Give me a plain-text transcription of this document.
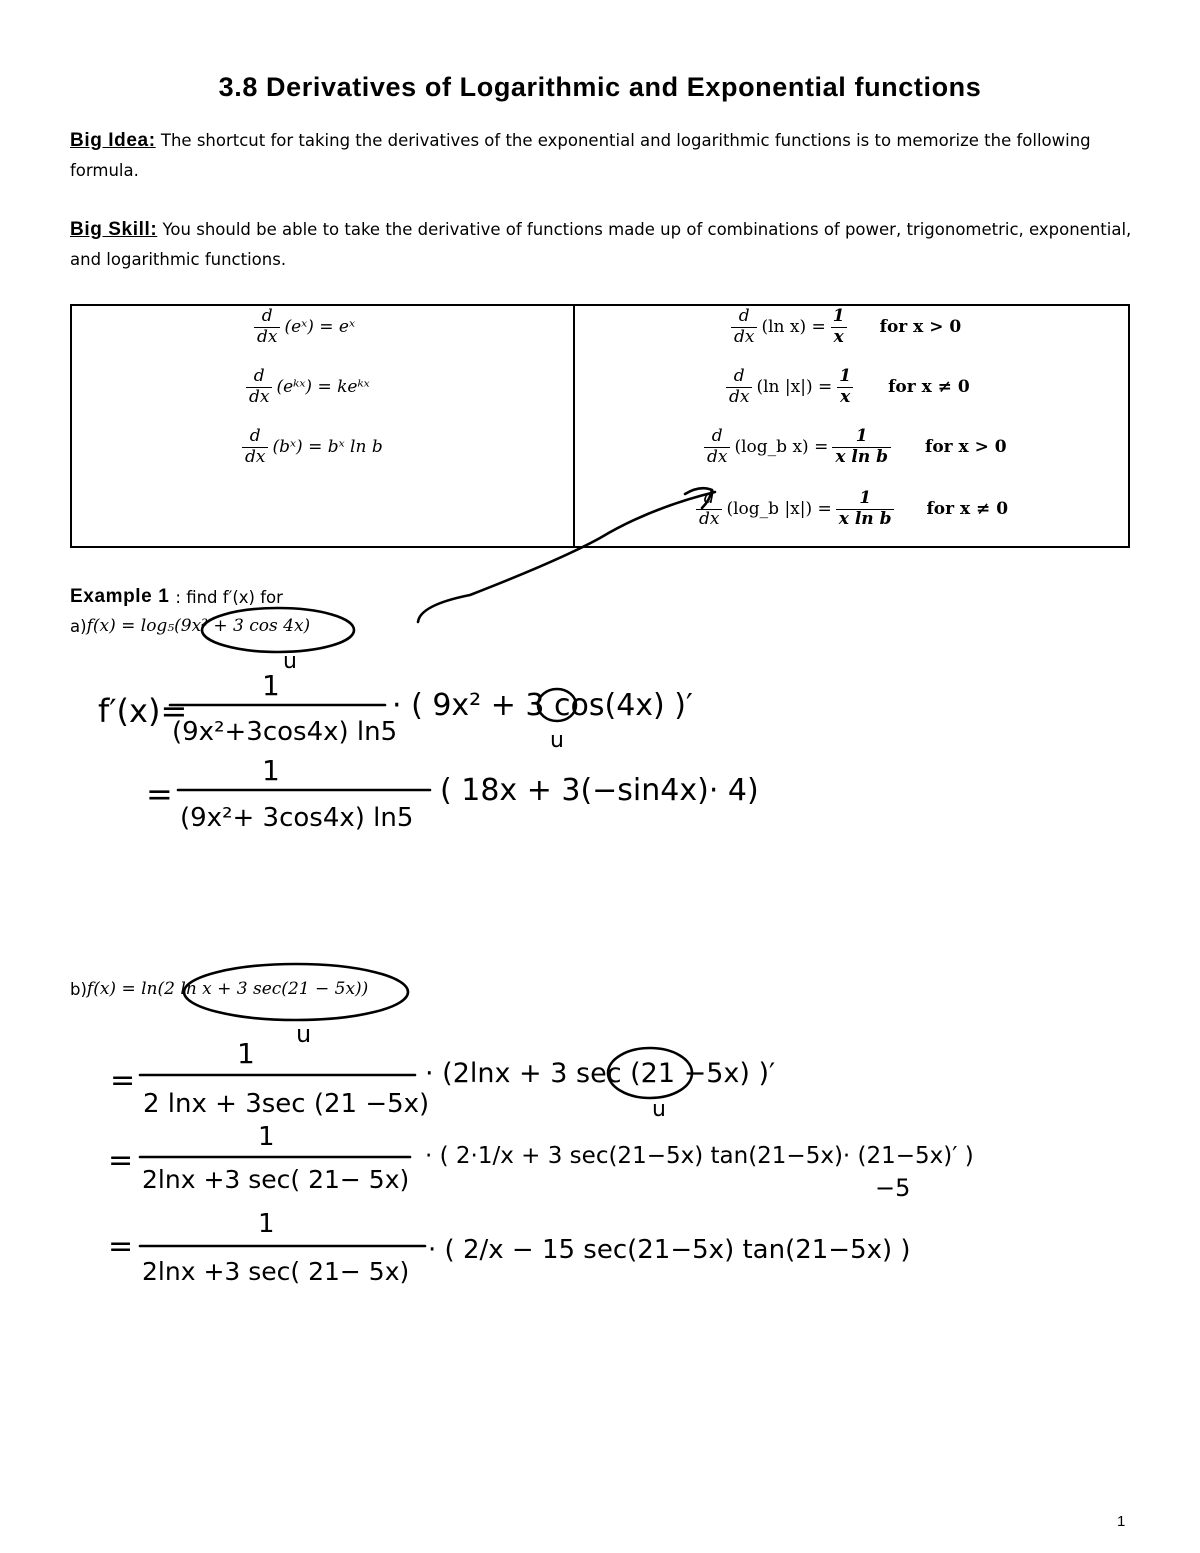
3.8 Derivatives of Logarithmic and Exponential functions
Big Idea: The shortcut for taking the derivatives of the exponential and logarithmic functions is to memorize the following formula.
Big Skill: You should be able to take the derivative of functions made up of combinations of power, trigonometric, exponential, and logarithmic functions.
$\frac{d}{dx}$ (eˣ) = eˣ
$\frac{d}{dx}$ (eᵏˣ) = keᵏˣ
$\frac{d}{dx}$ (bˣ) = bˣ ln b
$\frac{d}{dx} (\ln$ $x) = \frac{1}{x}$ for x > 0
$\frac{d}{dx} (\ln$ $|x|) = \frac{1}{x}$ for x ≠ 0
$\frac{d}{dx}$ (log_b $x) = \frac{1}{\text{x ln b}}$ for x > 0
$\frac{d}{dx}$ (log_b $|x|) = \frac{1}{\text{x ln b}}$ for x ≠ 0
Example 1 : find f′(x) for
a) f(x) = log₅(9x² + 3 cos 4x)
b) f(x) = ln(2 ln x + 3 sec(21 − 5x))
u
u
u
u
f′(x)=
1
(9x²+3cos4x) ln5
· ( 9x² + 3 cos(4x) )′
=
1
(9x²+ 3cos4x) ln5
( 18x + 3(−sin4x)· 4)
=
1
2 lnx + 3sec (21 −5x)
· (2lnx + 3 sec (21 −5x) )′
=
1
2lnx +3 sec( 21− 5x)
· ( 2·1/x + 3 sec(21−5x) tan(21−5x)· (21−5x)′ )
−5
=
1
2lnx +3 sec( 21− 5x)
· ( 2/x − 15 sec(21−5x) tan(21−5x) )
1
